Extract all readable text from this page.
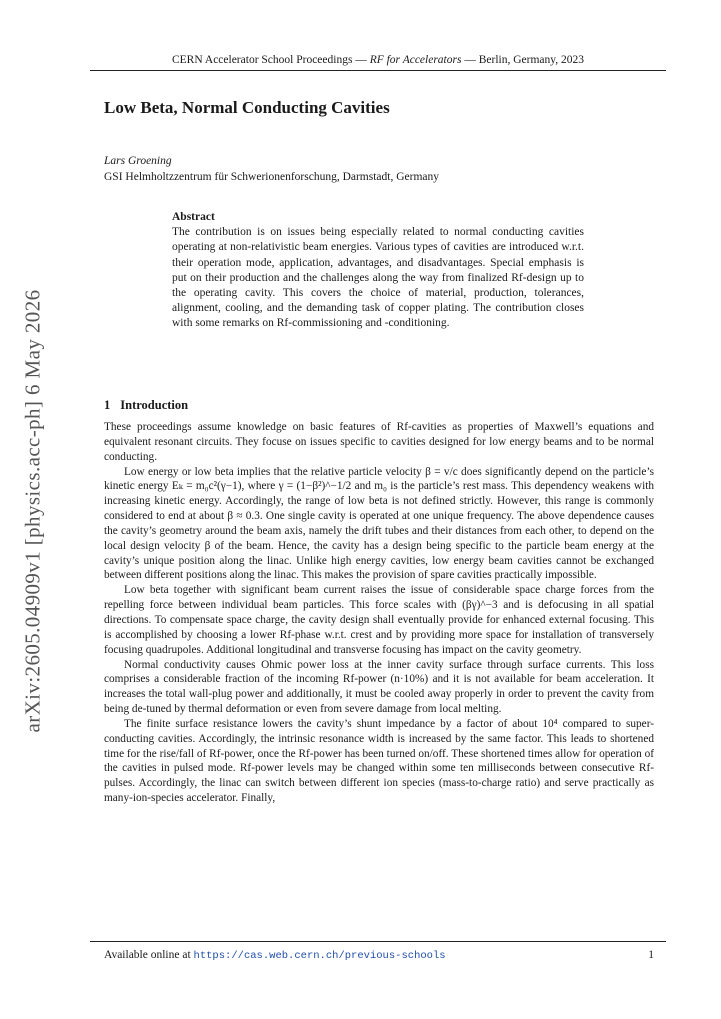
CERN Accelerator School Proceedings — RF for Accelerators — Berlin, Germany, 2023
arXiv:2605.04909v1 [physics.acc-ph] 6 May 2026
Low Beta, Normal Conducting Cavities
Lars Groening
GSI Helmholtzzentrum für Schwerionenforschung, Darmstadt, Germany
Abstract
The contribution is on issues being especially related to normal conducting cavities operating at non-relativistic beam energies. Various types of cavities are introduced w.r.t. their operation mode, application, advantages, and disadvantages. Special emphasis is put on their production and the challenges along the way from finalized Rf-design up to the operating cavity. This covers the choice of material, production, tolerances, alignment, cooling, and the demanding task of copper plating. The contribution closes with some remarks on Rf-commissioning and -conditioning.
1 Introduction

These proceedings assume knowledge on basic features of Rf-cavities as properties of Maxwell’s equations and equivalent resonant circuits. They focuse on issues specific to cavities designed for low energy beams and to be normal conducting.

Low energy or low beta implies that the relative particle velocity β = v/c does significantly depend on the particle’s kinetic energy Eₖ = m₀c²(γ−1), where γ = (1−β²)^−1/2 and m₀ is the particle’s rest mass. This dependency weakens with increasing kinetic energy. Accordingly, the range of low beta is not defined strictly. However, this range is commonly considered to end at about β ≈ 0.3. One single cavity is operated at one unique frequency. The above dependence causes the cavity’s geometry around the beam axis, namely the drift tubes and their distances from each other, to depend on the local design velocity β of the beam. Hence, the cavity has a design being specific to the particle beam energy at the cavity’s unique position along the linac. Unlike high energy cavities, low energy beam cavities cannot be exchanged between different positions along the linac. This makes the provision of spare cavities practically impossible.

Low beta together with significant beam current raises the issue of considerable space charge forces from the repelling force between individual beam particles. This force scales with (βγ)^−3 and is defocusing in all spatial directions. To compensate space charge, the cavity design shall eventually provide for enhanced external focusing. This is accomplished by choosing a lower Rf-phase w.r.t. crest and by providing more space for installation of transversely focusing quadrupoles. Additional longitudinal and transverse focusing has impact on the cavity geometry.

Normal conductivity causes Ohmic power loss at the inner cavity surface through surface currents. This loss comprises a considerable fraction of the incoming Rf-power (n·10%) and it is not available for beam acceleration. It increases the total wall-plug power and additionally, it must be cooled away properly in order to prevent the cavity from being de-tuned by thermal deformation or even from severe damage from local melting.

The finite surface resistance lowers the cavity’s shunt impedance by a factor of about 10⁴ compared to super-conducting cavities. Accordingly, the intrinsic resonance width is increased by the same factor. This leads to shortened time for the rise/fall of Rf-power, once the Rf-power has been turned on/off. These shortened times allow for operation of the cavities in pulsed mode. Rf-power levels may be changed within some ten milliseconds between consecutive Rf-pulses. Accordingly, the linac can switch between different ion species (mass-to-charge ratio) and serve practically as many-ion-species accelerator. Finally,

Available online at https://cas.web.cern.ch/previous-schools	1
